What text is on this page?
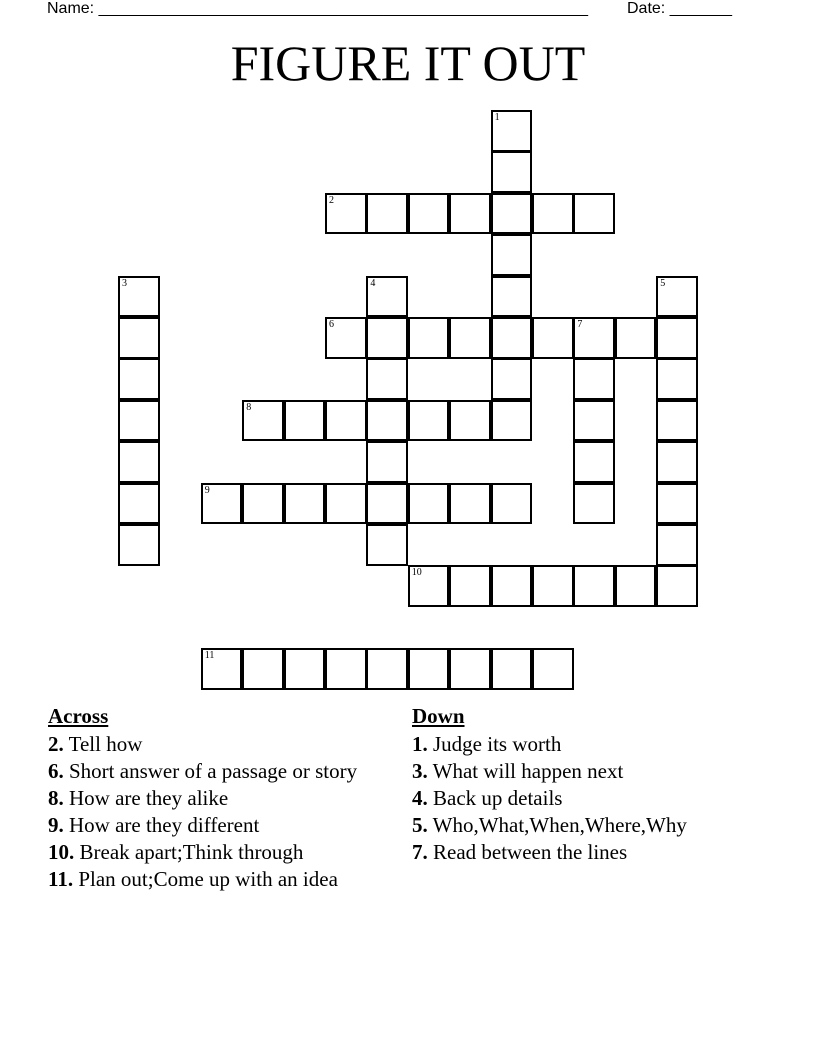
Name: _______________________________________________________ Date: _______
FIGURE IT OUT
1
2
3	4	5
6	7
8
9
10
11
Across
2. Tell how
6. Short answer of a passage or story
8. How are they alike
9. How are they different
10. Break apart;Think through
11. Plan out;Come up with an idea
Down
1. Judge its worth
3. What will happen next
4. Back up details
5. Who,What,When,Where,Why
7. Read between the lines
